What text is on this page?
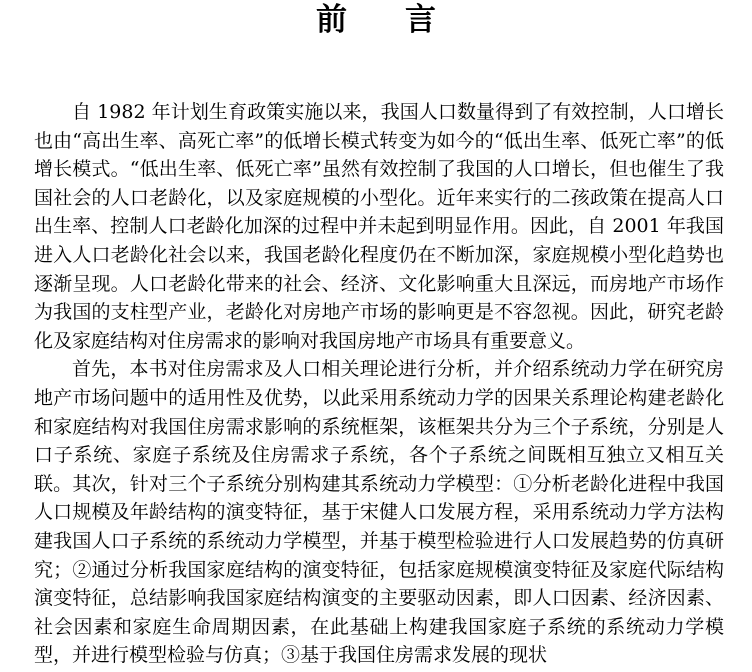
前 言

自 1982 年计划生育政策实施以来，我国人口数量得到了有效控制，人口增长也由“高出生率、高死亡率”的低增长模式转变为如今的“低出生率、低死亡率”的低增长模式。“低出生率、低死亡率”虽然有效控制了我国的人口增长，但也催生了我国社会的人口老龄化，以及家庭规模的小型化。近年来实行的二孩政策在提高人口出生率、控制人口老龄化加深的过程中并未起到明显作用。因此，自 2001 年我国进入人口老龄化社会以来，我国老龄化程度仍在不断加深，家庭规模小型化趋势也逐渐呈现。人口老龄化带来的社会、经济、文化影响重大且深远，而房地产市场作为我国的支柱型产业，老龄化对房地产市场的影响更是不容忽视。因此，研究老龄化及家庭结构对住房需求的影响对我国房地产市场具有重要意义。

首先，本书对住房需求及人口相关理论进行分析，并介绍系统动力学在研究房地产市场问题中的适用性及优势，以此采用系统动力学的因果关系理论构建老龄化和家庭结构对我国住房需求影响的系统框架，该框架共分为三个子系统，分别是人口子系统、家庭子系统及住房需求子系统，各个子系统之间既相互独立又相互关联。其次，针对三个子系统分别构建其系统动力学模型：①分析老龄化进程中我国人口规模及年龄结构的演变特征，基于宋健人口发展方程，采用系统动力学方法构建我国人口子系统的系统动力学模型，并基于模型检验进行人口发展趋势的仿真研究；②通过分析我国家庭结构的演变特征，包括家庭规模演变特征及家庭代际结构演变特征，总结影响我国家庭结构演变的主要驱动因素，即人口因素、经济因素、社会因素和家庭生命周期因素，在此基础上构建我国家庭子系统的系统动力学模型，并进行模型检验与仿真；③基于我国住房需求发展的现状
